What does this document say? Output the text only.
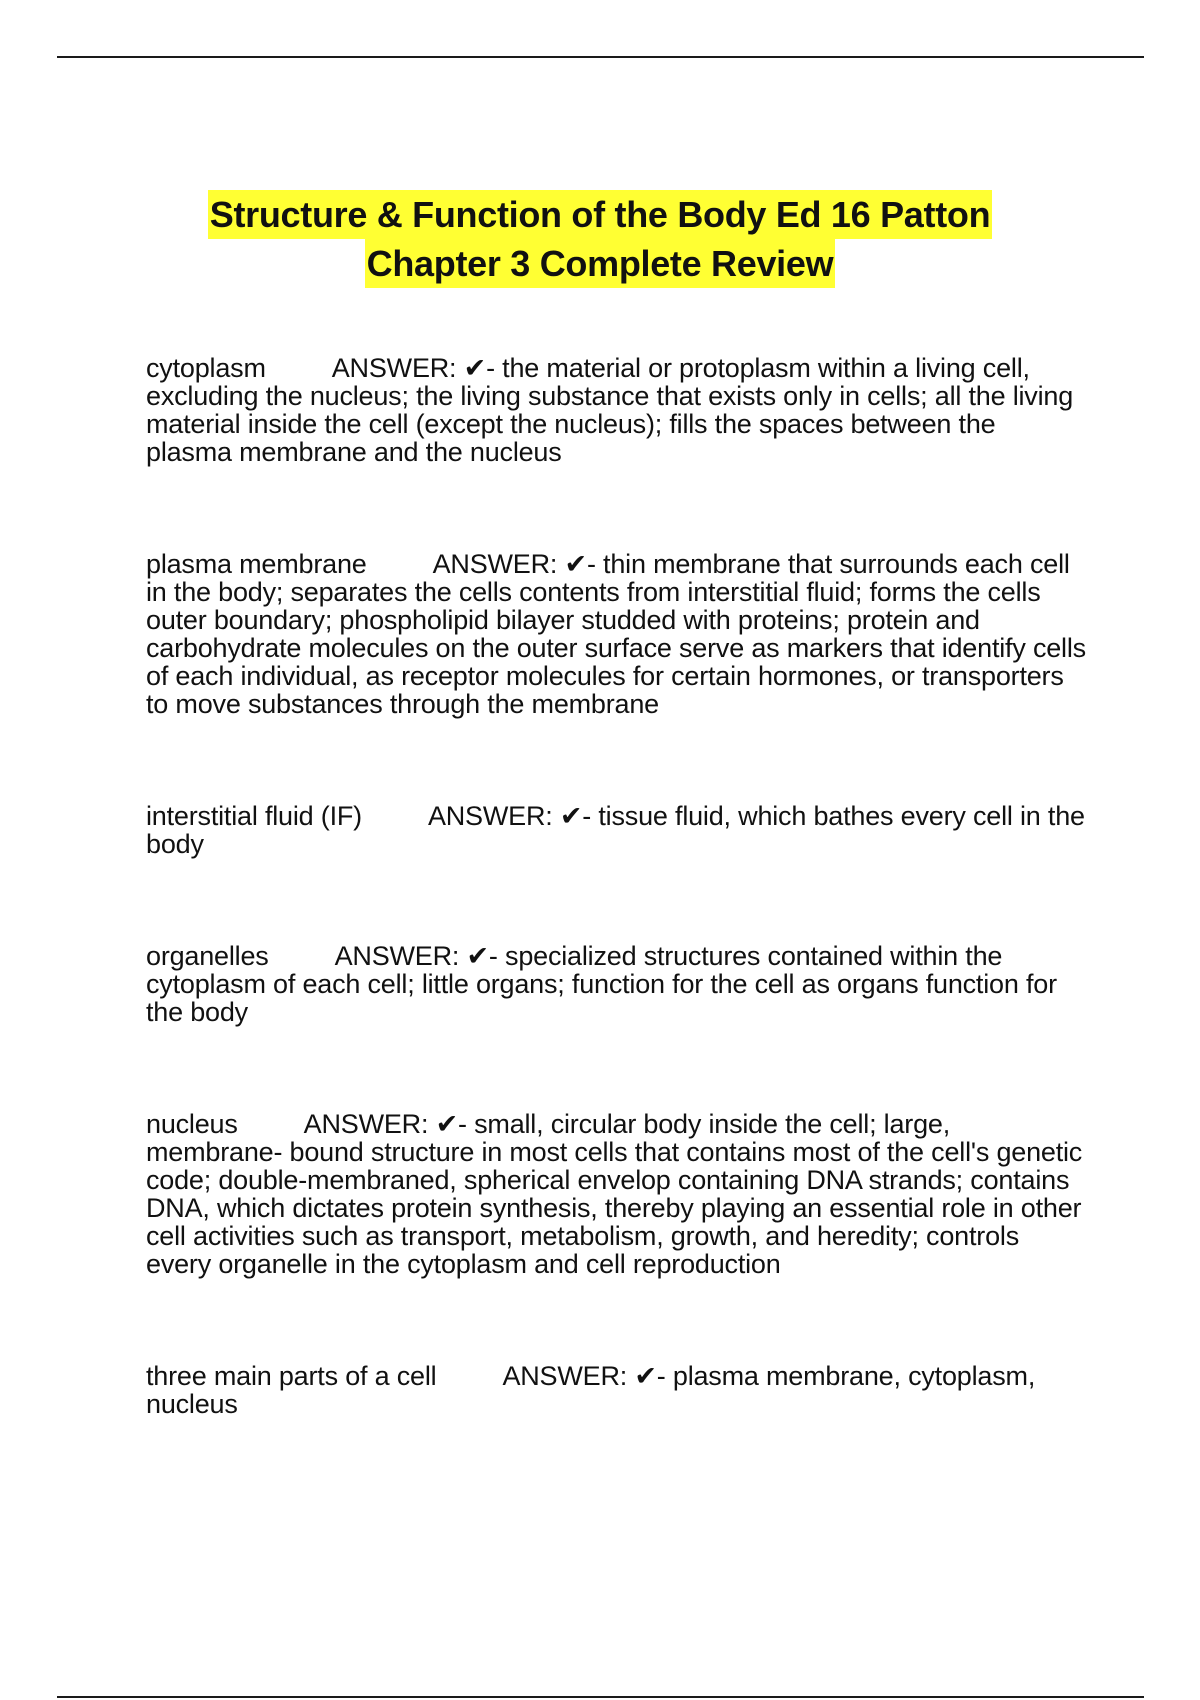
Structure & Function of the Body Ed 16 Patton
Chapter 3 Complete Review

cytoplasm ANSWER: ✔- the material or protoplasm within a living cell, excluding the nucleus; the living substance that exists only in cells; all the living material inside the cell (except the nucleus); fills the spaces between the plasma membrane and the nucleus

plasma membrane ANSWER: ✔- thin membrane that surrounds each cell in the body; separates the cells contents from interstitial fluid; forms the cells outer boundary; phospholipid bilayer studded with proteins; protein and carbohydrate molecules on the outer surface serve as markers that identify cells of each individual, as receptor molecules for certain hormones, or transporters to move substances through the membrane

interstitial fluid (IF) ANSWER: ✔- tissue fluid, which bathes every cell in the body

organelles ANSWER: ✔- specialized structures contained within the cytoplasm of each cell; little organs; function for the cell as organs function for the body

nucleus ANSWER: ✔- small, circular body inside the cell; large, membrane- bound structure in most cells that contains most of the cell's genetic code; double-membraned, spherical envelop containing DNA strands; contains DNA, which dictates protein synthesis, thereby playing an essential role in other cell activities such as transport, metabolism, growth, and heredity; controls every organelle in the cytoplasm and cell reproduction

three main parts of a cell ANSWER: ✔- plasma membrane, cytoplasm, nucleus
